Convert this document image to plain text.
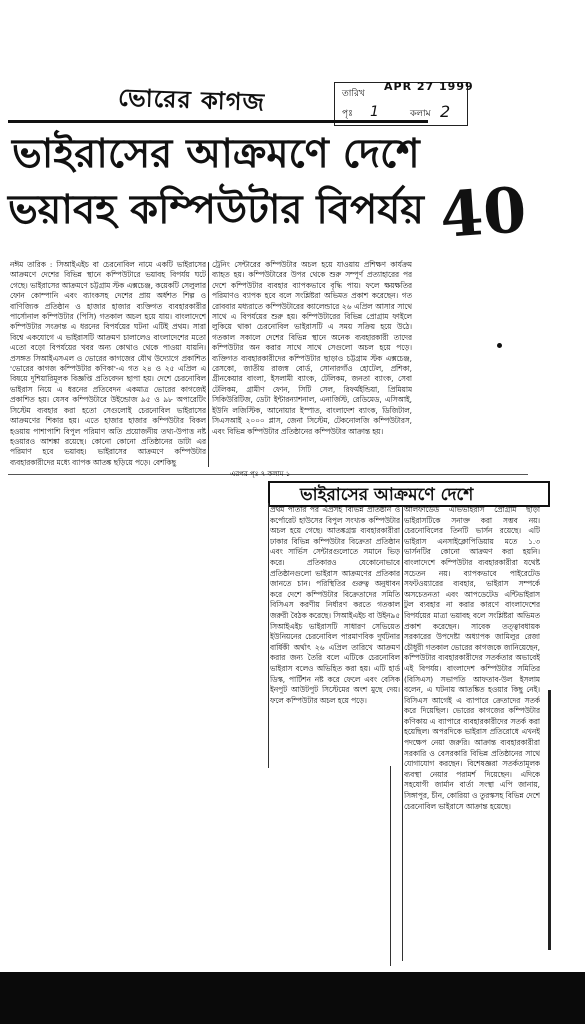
ভোরের কাগজ	তারিখ
APR 27 1999
পৃঃ 1	কলাম 2
ভাইরাসের আক্রমণে দেশে
ভয়াবহ কম্পিউটার বিপর্যয় 40
নঈম তারিক : সিআইএইচ বা চেরনোবিল নামে একটি ভাইরাসের আক্রমণে দেশের বিভিন্ন স্থানে কম্পিউটারে ভয়াবহ বিপর্যয় ঘটে গেছে। ভাইরাসের আক্রমণে চট্টগ্রাম স্টক এক্সচেঞ্জ, কয়েকটি সেলুলার ফোন কোম্পানি এবং ব্যাংকসহ দেশের প্রায় অর্ধশত শিল্প ও বাণিজ্যিক প্রতিষ্ঠান ও হাজার হাজার ব্যক্তিগত ব্যবহারকারীর পার্সোনাল কম্পিউটার (পিসি) গতকাল অচল হয়ে যায়। বাংলাদেশে কম্পিউটার সংক্রান্ত এ ধরনের বিপর্যয়ের ঘটনা এটিই প্রথম। সারা বিশ্বে একযোগে এ ভাইরাসটি আক্রমণ চালালেও বাংলাদেশের মতো এতো বড়ো বিপর্যয়ের খবর অন্য কোথাও থেকে পাওয়া যায়নি। প্রসঙ্গত সিআইএসএল ও ভোরের কাগজের যৌথ উদ্যোগে প্রকাশিত 'ভোরের কাগজ কম্পিউটার কণিকা'-এ গত ২৪ ও ২৫ এপ্রিল এ বিষয়ে দুশিয়ারিমূলক বিজ্ঞপ্তি প্রতিবেদন ছাপা হয়। দেশে চেরনোবিল ভাইরাস নিয়ে এ ধরনের প্রতিবেদন একমাত্র ভোরের কাগজেই প্রকাশিত হয়। যেসব কম্পিউটারে উইন্ডোজ ৯৫ ও ৯৮ অপারেটিং সিস্টেম ব্যবহার করা হতো সেগুলোই চেরনোবিল ভাইরাসের আক্রমণের শিকার হয়। এতে হাজার হাজার কম্পিউটার বিকল হওয়ায় পাশাপাশি বিপুল পরিমাণ অতি প্রয়োজনীয় তথ্য-উপাত্ত নষ্ট হওয়ারও আশঙ্কা রয়েছে। কোনো কোনো প্রতিষ্ঠানের ডাটা এর পরিমাণ হবে ভয়াবহ। ভাইরাসের আক্রমণে কম্পিউটার ব্যবহারকারীদের মধ্যে ব্যাপক আতঙ্ক ছড়িয়ে পড়ে। বেশকিছু
ট্রেনিং সেন্টারের কম্পিউটার অচল হয়ে যাওয়ায় প্রশিক্ষণ কার্যক্রম ব্যাহত হয়। কম্পিউটারের উপর থেকে শুরু সম্পূর্ণ প্রত্যাহারের পর দেশে কম্পিউটার ব্যবহার ব্যাপকভাবে বৃদ্ধি পায়। ফলে ক্ষয়ক্ষতির পরিমাণও ব্যাপক হবে বলে সংশ্লিষ্টরা অভিমত প্রকাশ করেছেন। গত রোববার মধ্যরাতে কম্পিউটারের ক্যালেন্ডারে ২৬ এপ্রিল আসার সাথে সাথে এ বিপর্যয়ের শুরু হয়। কম্পিউটারের বিভিন্ন প্রোগ্রাম ফাইলে লুকিয়ে থাকা চেরনোবিল ভাইরাসটি এ সময় সক্রিয় হয়ে উঠে। গতকাল সকালে দেশের বিভিন্ন স্থানে অনেক ব্যবহারকারী তাদের কম্পিউটার অন করার সাথে সাথে সেগুলো অচল হয়ে পড়ে। ব্যক্তিগত ব্যবহারকারীদের কম্পিউটার ছাড়াও চট্টগ্রাম স্টক এক্সচেঞ্জ, রেসকো, জাতীয় রাজস্ব বোর্ড, সোনারগাঁও হোটেল, প্রশিকা, গ্রীনকেয়ার বাংলা, ইসলামী ব্যাংক, টেলিকম, জনতা ব্যাংক, সেবা টেলিকম, গ্রামীণ ফোন, সিটি সেল, রিফর্মইন্ডিয়া, প্রিমিয়াম সিকিউরিটিজ, ডেটা ইন্টারন্যাশনাল, এনার্জিস্ট, রেডিমেড, এসিআই, ইউনি লজিস্টিক, আনোয়ার ইস্পাত, বাংলাদেশ ব্যাংক, ডিজিটাল, সিএসআই ২০০০ প্লাস, জেনা সিস্টেম, টেকনোলজি কম্পিউটারস, এবং বিভিন্ন কম্পিউটার প্রতিষ্ঠানের কম্পিউটার আক্রান্ত হয়।
এরপর পৃঃ ৭ কলাম ১
ভাইরাসের আক্রমণে দেশে
প্রথম পাতার পর এপ্রসহ বিভিন্ন প্রতিষ্ঠান ও কর্পোরেট হাউসের বিপুল সংখ্যক কম্পিউটার অচল হয়ে গেছে। আতঙ্কগ্রস্ত ব্যবহারকারীরা ঢাকার বিভিন্ন কম্পিউটার বিক্রেতা প্রতিষ্ঠান এবং সার্ভিস সেন্টারগুলোতে সমানে ভিড় করে। প্রতিকারও যেকোনোভাবে প্রতিষ্ঠানগুলো ভাইরাস আক্রমণের প্রতিকার জানতে চান। পরিস্থিতির গুরুত্ব অনুধাবন করে দেশে কম্পিউটার বিক্রেতাদের সমিতি বিসিএস করণীয় নির্ধারণ করতে গতকাল জরুরী বৈঠক করেছে। সিআইএইচ বা উইন৯৫ সিআইএইচ ভাইরাসটি সাধারণ সেভিয়েত ইউনিয়নের চেরনোবিল পারমাণবিক দুর্ঘটনার বার্ষিকী অর্থাৎ ২৬ এপ্রিল তারিখে আক্রমণ করার জন্য তৈরি বলে এটিকে চেরনোবিল ভাইরাস বলেও অভিহিত করা হয়। এটি হার্ড ডিস্ক, পার্টিশন নষ্ট করে ফেলে এবং বেসিক ইনপুট আউটপুট সিস্টেমের অংশ মুছে দেয়। ফলে কম্পিউটার অচল হয়ে পড়ে।
আলফাডেড এভিভাইরাস প্রোগ্রাম ছাড়া ভাইরাসটিকে সনাক্ত করা সম্ভব নয়। চেরনোবিলের তিনটি ভার্সন রয়েছে। এটি ভাইরাস এনসাইক্লোপিডিয়ায় মতে ১.৩ ভার্সনটির কোনো আক্রমণ করা হয়নি। বাংলাদেশে কম্পিউটার ব্যবহারকারীরা যথেষ্ট সচেতন নয়। ব্যাপকভাবে পাইরেটেড সফটওয়্যারের ব্যবহার, ভাইরাস সম্পর্কে অসচেতনতা এবং আপডেটেড এন্টিভাইরাস টুল ব্যবহার না করার কারণে বাংলাদেশের বিপর্যয়ের মাত্রা ভয়াবহ বলে সংশ্লিষ্টরা অভিমত প্রকাশ করেছেন। সাবেক তত্ত্বাবধায়ক সরকারের উপদেষ্টা অধ্যাপক জামিলুর রেজা চৌধুরী গতকাল ভোরের কাগজকে জানিয়েছেন, কম্পিউটার ব্যবহারকারীদের সতর্কতার অভাবেই এই বিপর্যয়। বাংলাদেশ কম্পিউটার সমিতির (বিসিএস) সভাপতি আফতাব-উল ইসলাম বলেন, এ ঘটনায় আতঙ্কিত হওয়ার কিছু নেই। বিসিএস আগেই এ ব্যাপারে ক্রেতাদের সতর্ক করে দিয়েছিল। ভোরের কাগজের কম্পিউটার কণিকায় এ ব্যাপারে ব্যবহারকারীদের সতর্ক করা হয়েছিল। অপরদিকে ভাইরাস প্রতিরোধে এখনই পদক্ষেপ নেয়া জরুরি। আক্রান্ত ব্যবহারকারীরা সরকারি ও বেসরকারি বিভিন্ন প্রতিষ্ঠানের সাথে যোগাযোগ করছেন। বিশেষজ্ঞরা সতর্কতামূলক ব্যবস্থা নেয়ার পরামর্শ দিয়েছেন। এদিকে সহযোগী জার্মান বার্তা সংস্থা এপি জানায়, সিঙ্গাপুর, চীন, কোরিয়া ও তুরস্কসহ বিভিন্ন দেশে চেরনোবিল ভাইরাসে আক্রান্ত হয়েছে।
